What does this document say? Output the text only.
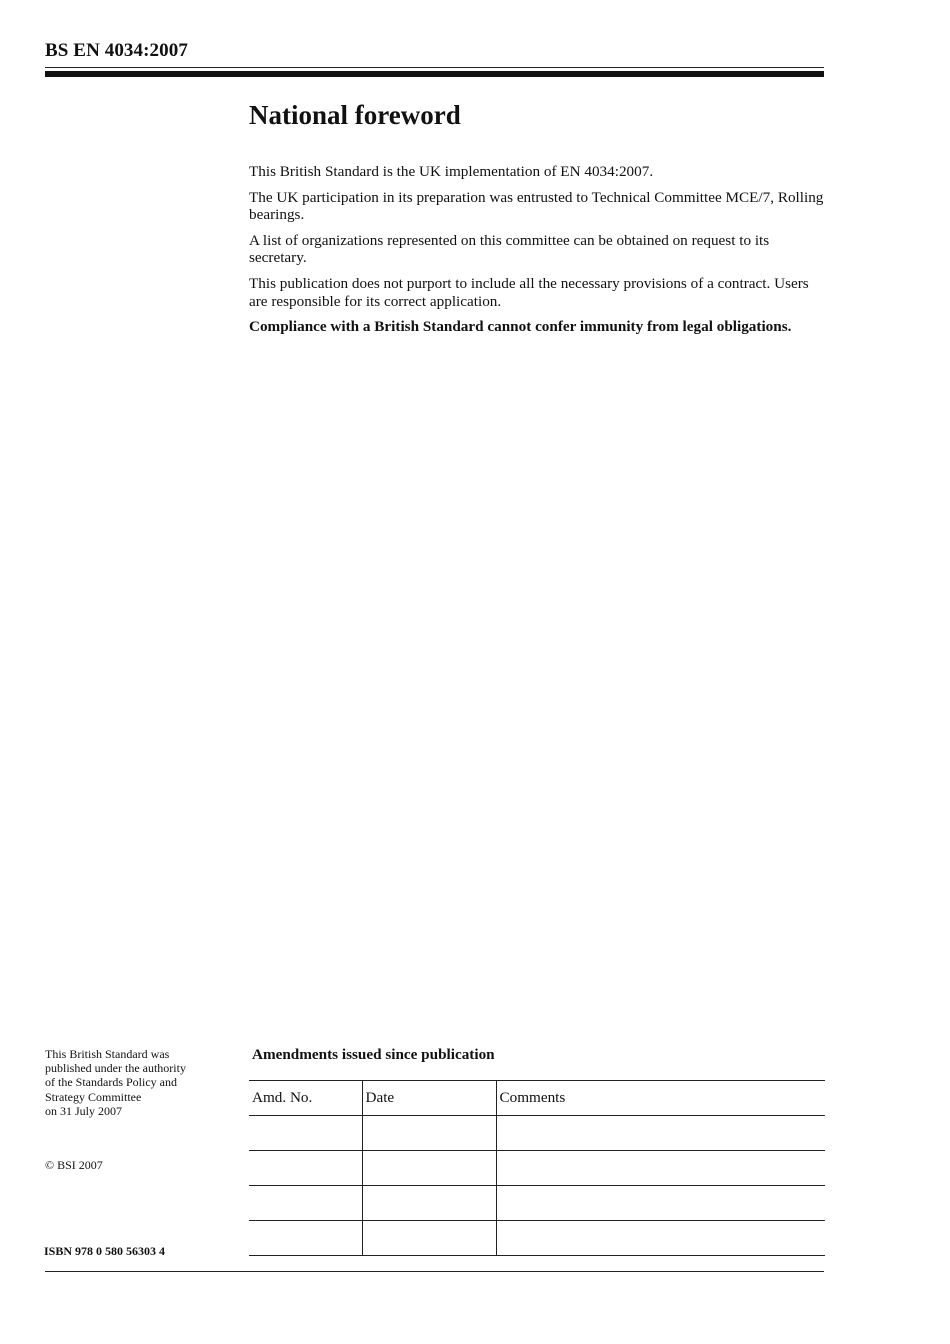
BS EN 4034:2007
National foreword

This British Standard is the UK implementation of EN 4034:2007.

The UK participation in its preparation was entrusted to Technical Committee MCE/7, Rolling bearings.

A list of organizations represented on this committee can be obtained on request to its secretary.

This publication does not purport to include all the necessary provisions of a contract. Users are responsible for its correct application.

Compliance with a British Standard cannot confer immunity from legal obligations.

This British Standard was
published under the authority
of the Standards Policy and
Strategy Committee
on 31 July 2007
© BSI 2007
ISBN 978 0 580 56303 4
Amendments issued since publication
Amd. No.	Date	Comments
